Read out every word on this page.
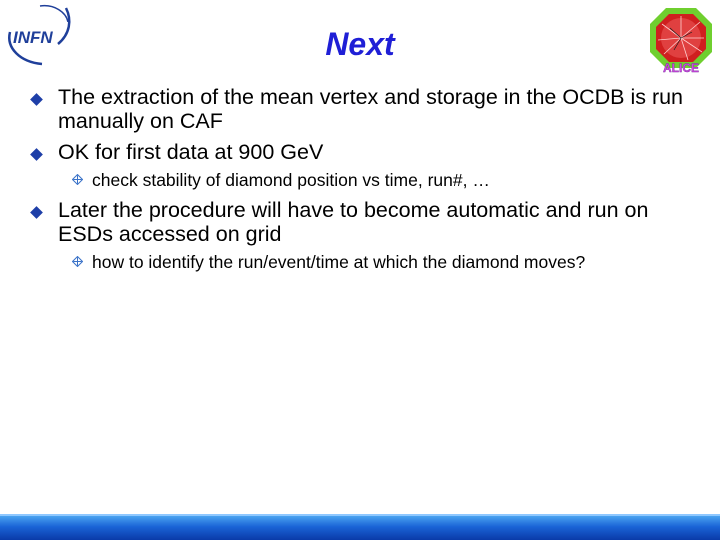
INFN	Next
ALICE

The extraction of the mean vertex and storage in the OCDB is run manually on CAF

OK for first data at 900 GeV

check stability of diamond position vs time, run#, …

Later the procedure will have to become automatic and run on ESDs accessed on grid

how to identify the run/event/time at which the diamond moves?
